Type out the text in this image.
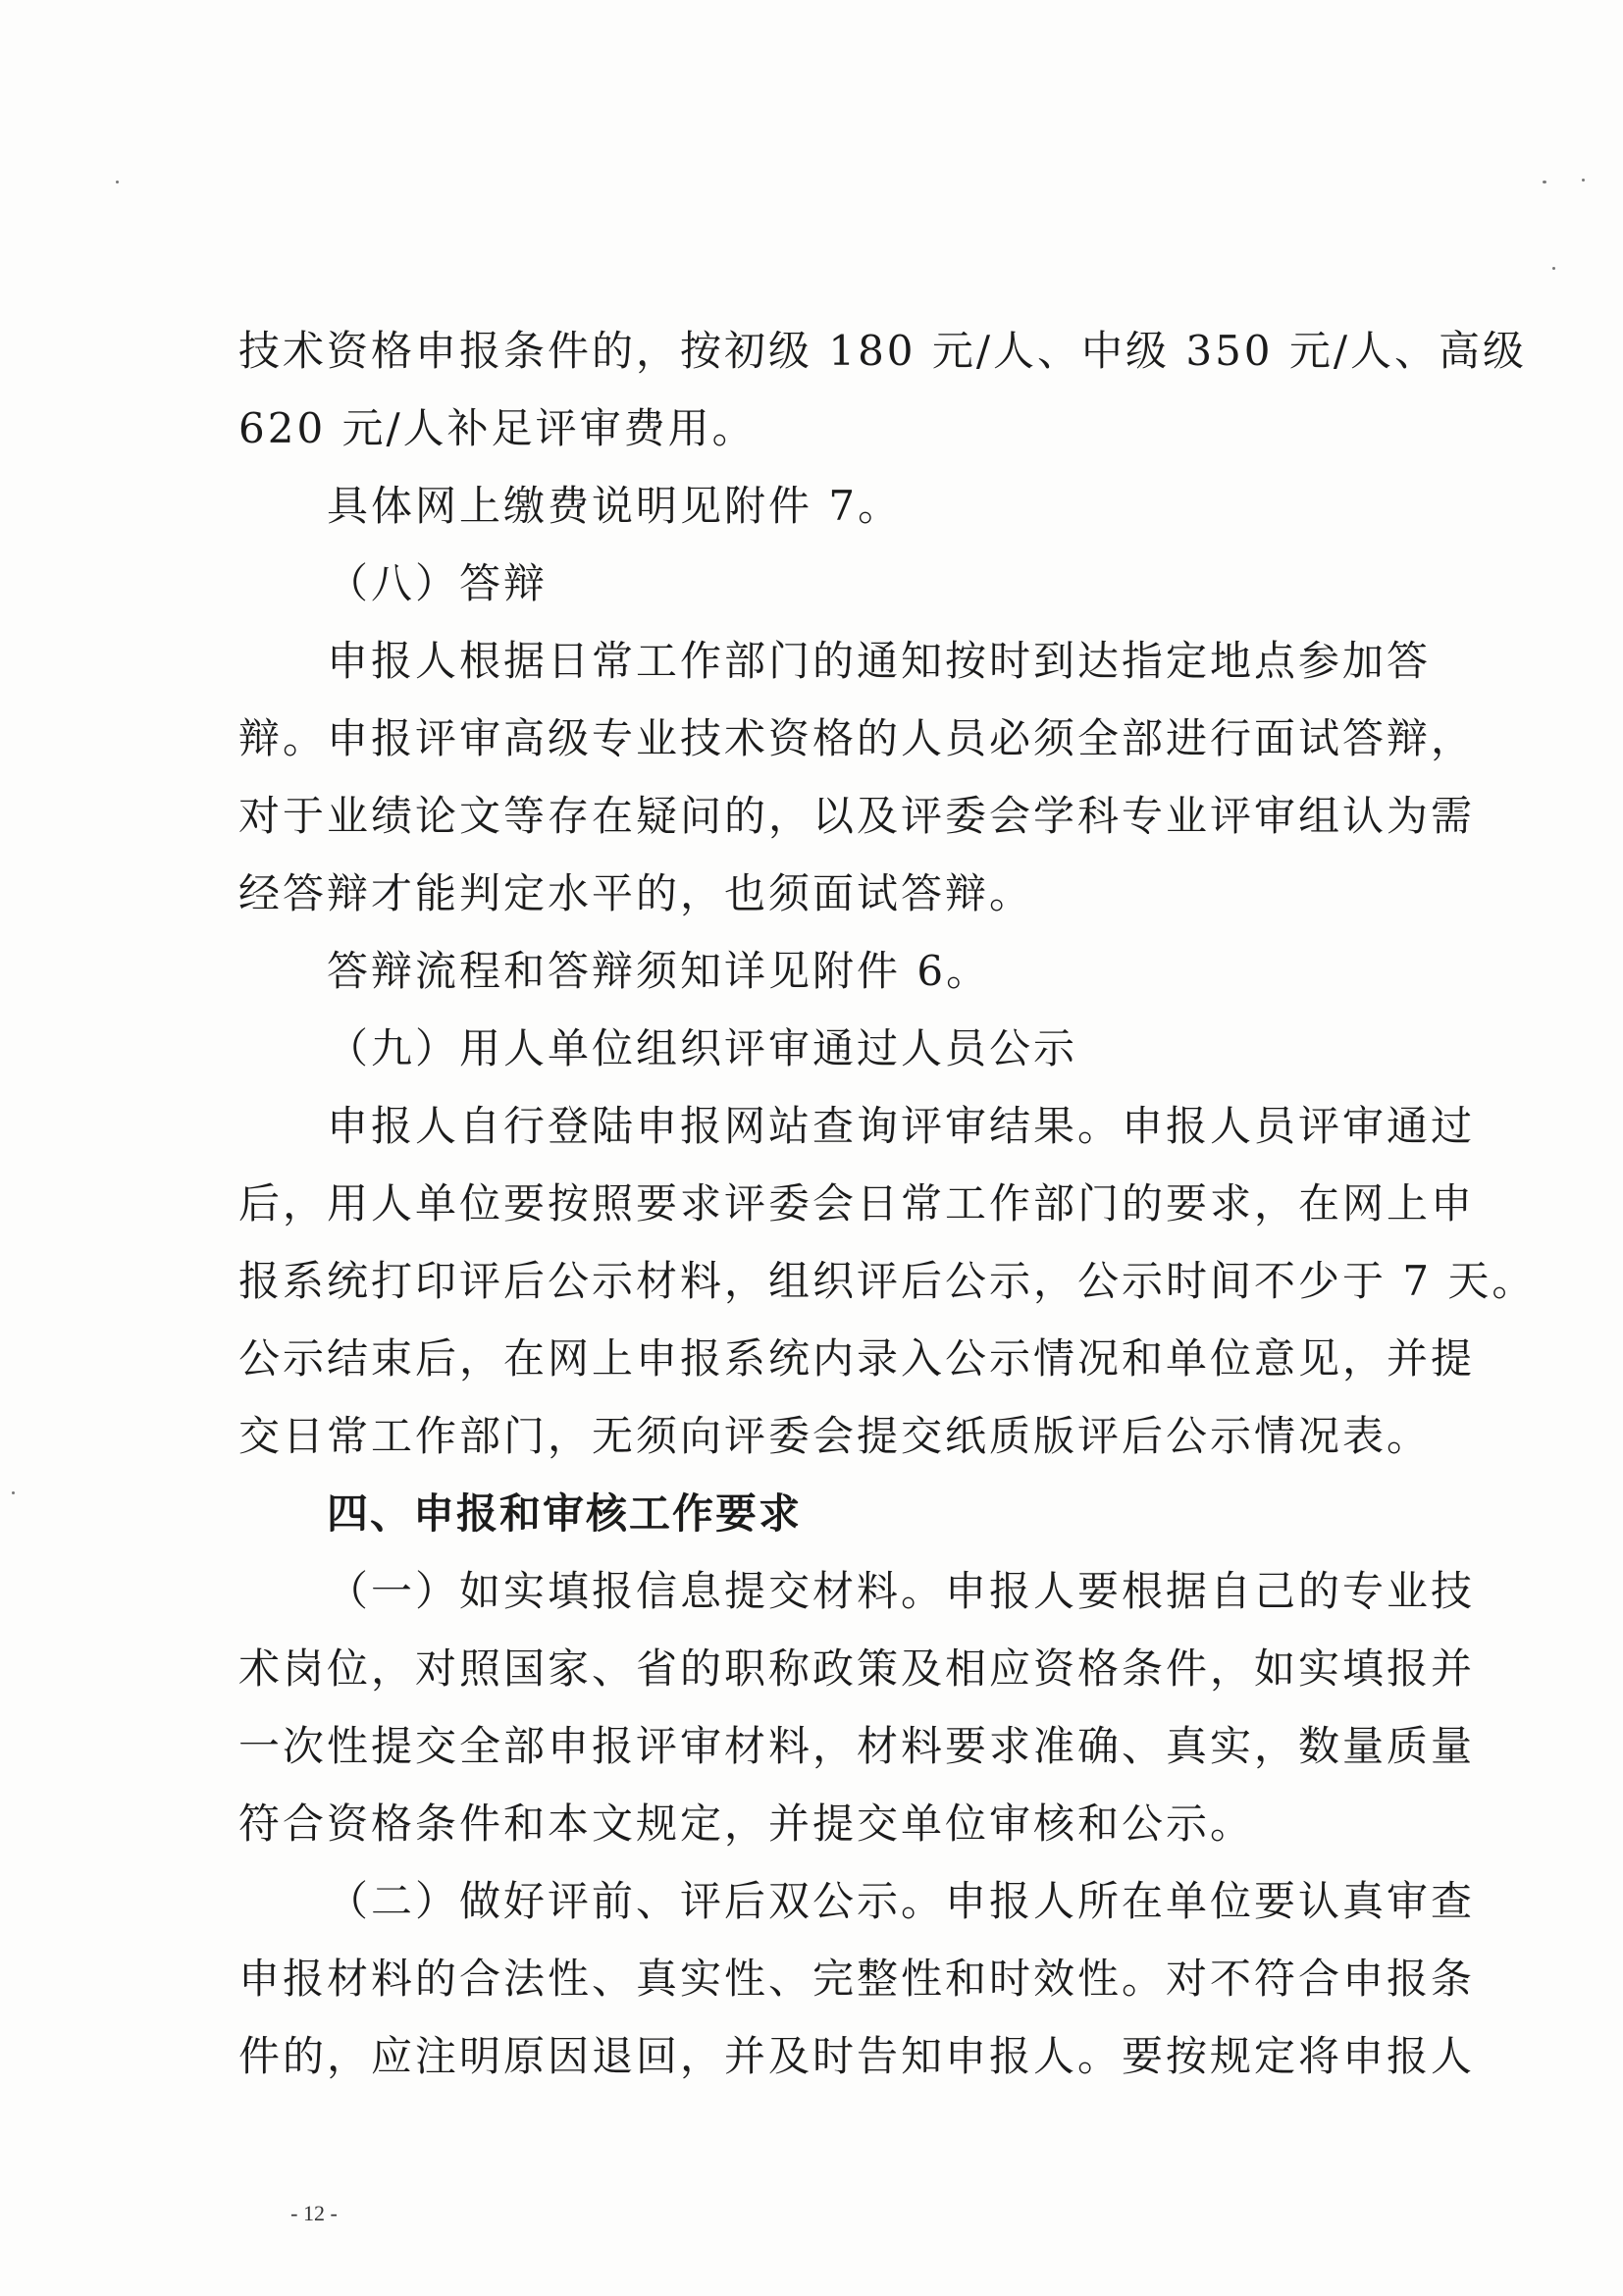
技术资格申报条件的，按初级 180 元/人、中级 350 元/人、高级
620 元/人补足评审费用。
具体网上缴费说明见附件 7。
（八）答辩
申报人根据日常工作部门的通知按时到达指定地点参加答
辩。申报评审高级专业技术资格的人员必须全部进行面试答辩，
对于业绩论文等存在疑问的，以及评委会学科专业评审组认为需
经答辩才能判定水平的，也须面试答辩。
答辩流程和答辩须知详见附件 6。
（九）用人单位组织评审通过人员公示
申报人自行登陆申报网站查询评审结果。申报人员评审通过
后，用人单位要按照要求评委会日常工作部门的要求，在网上申
报系统打印评后公示材料，组织评后公示，公示时间不少于 7 天。
公示结束后，在网上申报系统内录入公示情况和单位意见，并提
交日常工作部门，无须向评委会提交纸质版评后公示情况表。
四、申报和审核工作要求
（一）如实填报信息提交材料。申报人要根据自己的专业技
术岗位，对照国家、省的职称政策及相应资格条件，如实填报并
一次性提交全部申报评审材料，材料要求准确、真实，数量质量
符合资格条件和本文规定，并提交单位审核和公示。
（二）做好评前、评后双公示。申报人所在单位要认真审查
申报材料的合法性、真实性、完整性和时效性。对不符合申报条
件的，应注明原因退回，并及时告知申报人。要按规定将申报人
- 12 -
